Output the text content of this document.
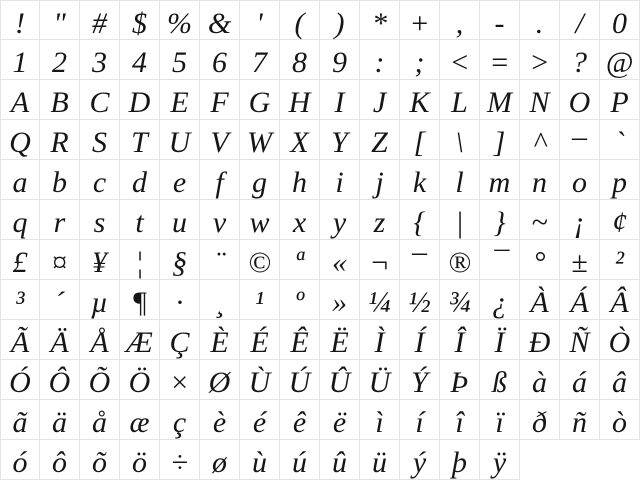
! " # $ % & '	(	) * + ,	-	.	/ 0
1 2 3 4 5 6 7 8 9 :	; < = > ? @
A B C D E F G H I J K L M N O P
Q R S T U V W X Y Z [ \ ] ^ _ `
a b c d e f g h i	j k l m n o p
q r s t u v w x y z { | } ~ ¡ ¢
£ ¤ ¥ ¦ § ¨ © ª « ¬ – ® ¯ ° ± ²
³	´ µ ¶ ·	¸	¹	º » ¼ ½ ¾ ¿ À Á Â
Ã Ä Å Æ Ç È É Ê Ë Ì	Í	Î	Ï Ð Ñ Ò
Ó Ô Õ Ö × Ø Ù Ú Û Ü Ý Þ ß à á â
ã ä å æ ç è é ê ë ì	í	î	ï ð ñ ò
ó ô õ ö ÷ ø ù ú û ü ý þ ÿ
